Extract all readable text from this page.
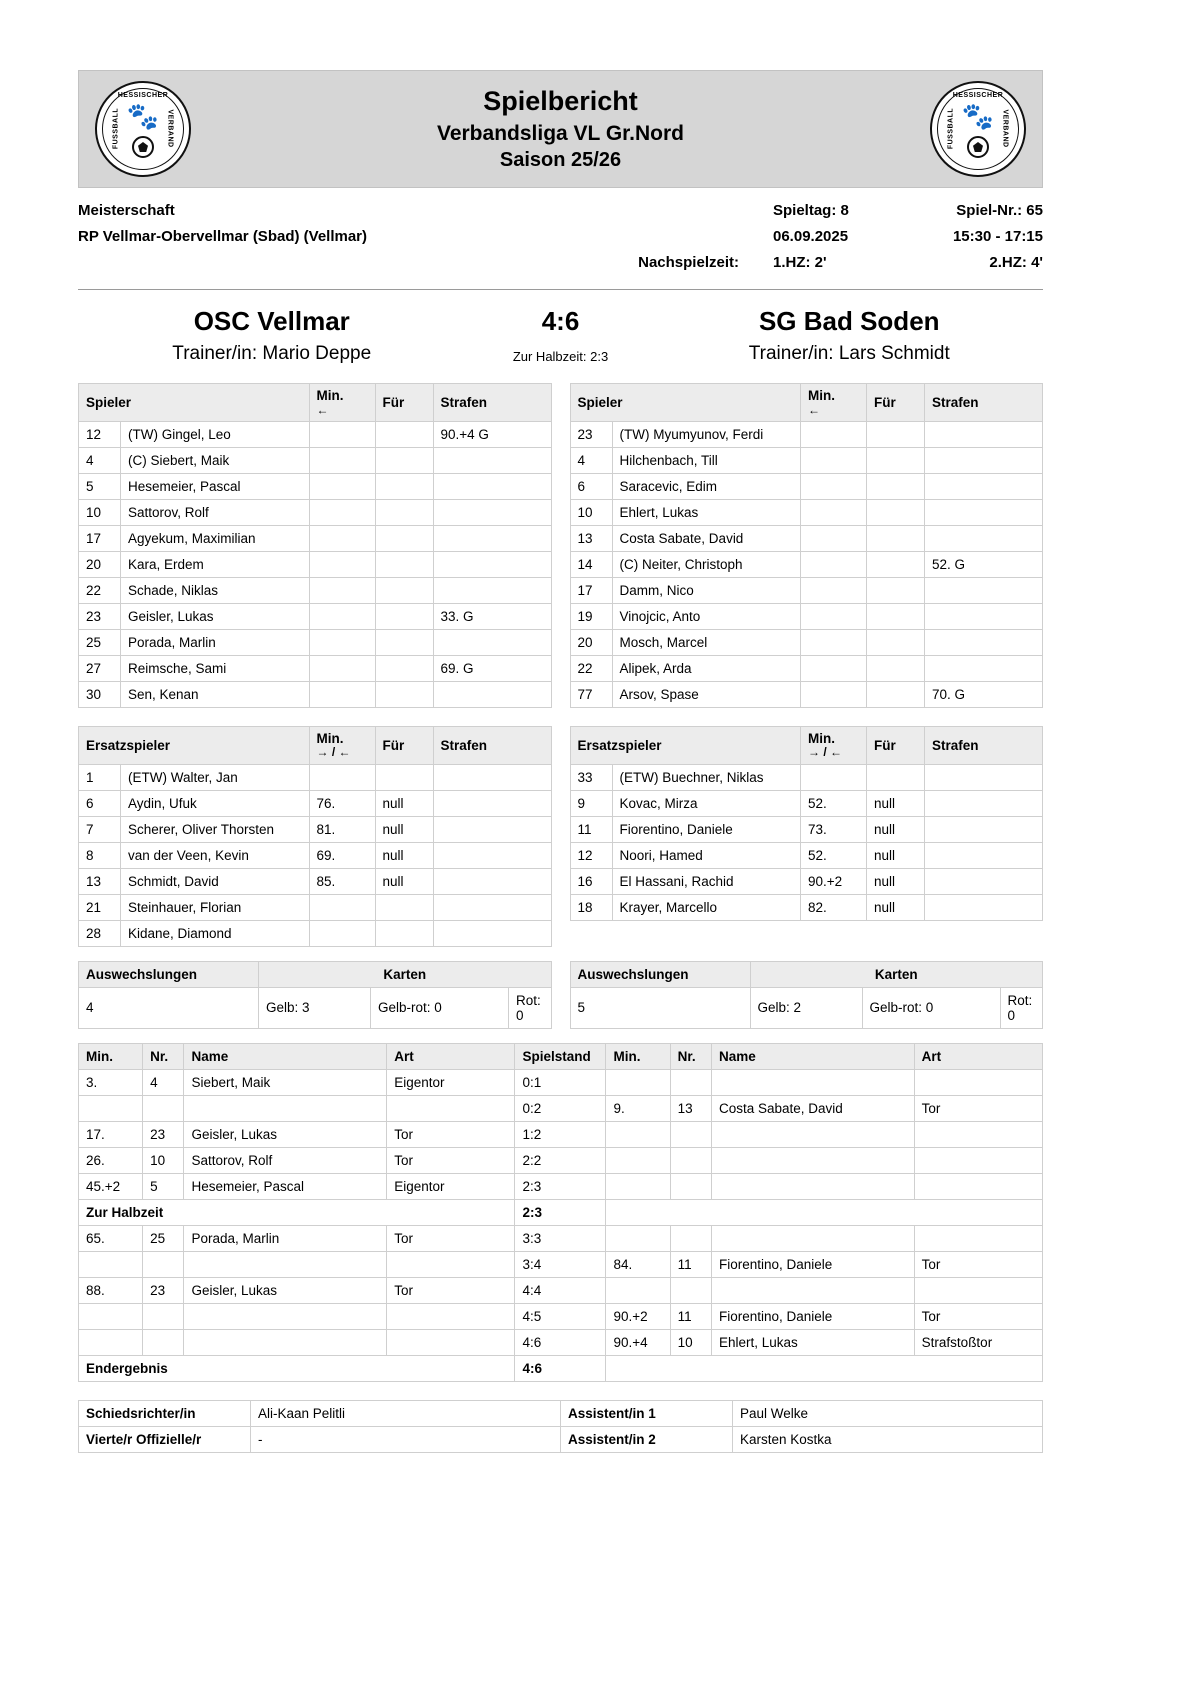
HESSISCHER
FUSSBALL	VERBAND
🐾	Spielbericht
Verbandsliga VL Gr.Nord
Saison 25/26
HESSISCHER
FUSSBALL	VERBAND
🐾
Meisterschaft	Spieltag: 8	Spiel-Nr.: 65
RP Vellmar-Obervellmar (Sbad) (Vellmar)	06.09.2025	15:30 - 17:15

Nachspielzeit: 1.HZ: 2'	2.HZ: 4'
OSC Vellmar
Trainer/in: Mario Deppe
4:6
Zur Halbzeit: 2:3
SG Bad Soden
Trainer/in: Lars Schmidt
Spieler		Min.
←	Für	Strafen
12	(TW) Gingel, Leo			90.+4 G
4	(C) Siebert, Maik			
5	Hesemeier, Pascal			
10	Sattorov, Rolf			
17	Agyekum, Maximilian			
20	Kara, Erdem			
22	Schade, Niklas			
23	Geisler, Lukas			33. G
25	Porada, Marlin			
27	Reimsche, Sami			69. G
30	Sen, Kenan			
Spieler		Min.
←	Für	Strafen
23	(TW) Myumyunov, Ferdi			
4	Hilchenbach, Till			
6	Saracevic, Edim			
10	Ehlert, Lukas			
13	Costa Sabate, David			
14	(C) Neiter, Christoph			52. G
17	Damm, Nico			
19	Vinojcic, Anto			
20	Mosch, Marcel			
22	Alipek, Arda			
77	Arsov, Spase			70. G
Ersatzspieler		Min.
→ / ←	Für	Strafen
1	(ETW) Walter, Jan			
6	Aydin, Ufuk	76.	null	
7	Scherer, Oliver Thorsten	81.	null	
8	van der Veen, Kevin	69.	null	
13	Schmidt, David	85.	null	
21	Steinhauer, Florian			
28	Kidane, Diamond			
Ersatzspieler		Min.
→ / ←	Für	Strafen
33	(ETW) Buechner, Niklas			
9	Kovac, Mirza	52.	null	
11	Fiorentino, Daniele	73.	null	
12	Noori, Hamed	52.	null	
16	El Hassani, Rachid	90.+2	null	
18	Krayer, Marcello	82.	null	
Auswechslungen	Karten		
4	Gelb: 3	Gelb-rot: 0	Rot: 0
Auswechslungen	Karten		
5	Gelb: 2	Gelb-rot: 0	Rot: 0
Min.	Nr.	Name	Art	Spielstand	Min.	Nr.	Name	Art
3.	4	Siebert, Maik	Eigentor	0:1				
				0:2	9.	13	Costa Sabate, David	Tor
17.	23	Geisler, Lukas	Tor	1:2				
26.	10	Sattorov, Rolf	Tor	2:2				
45.+2	5	Hesemeier, Pascal	Eigentor	2:3				
Zur Halbzeit				2:3				
65.	25	Porada, Marlin	Tor	3:3				
				3:4	84.	11	Fiorentino, Daniele	Tor
88.	23	Geisler, Lukas	Tor	4:4				
				4:5	90.+2	11	Fiorentino, Daniele	Tor
				4:6	90.+4	10	Ehlert, Lukas	Strafstoßtor
Endergebnis				4:6				
Schiedsrichter/in	Ali-Kaan Pelitli	Assistent/in 1	Paul Welke
Vierte/r Offizielle/r	-	Assistent/in 2	Karsten Kostka
